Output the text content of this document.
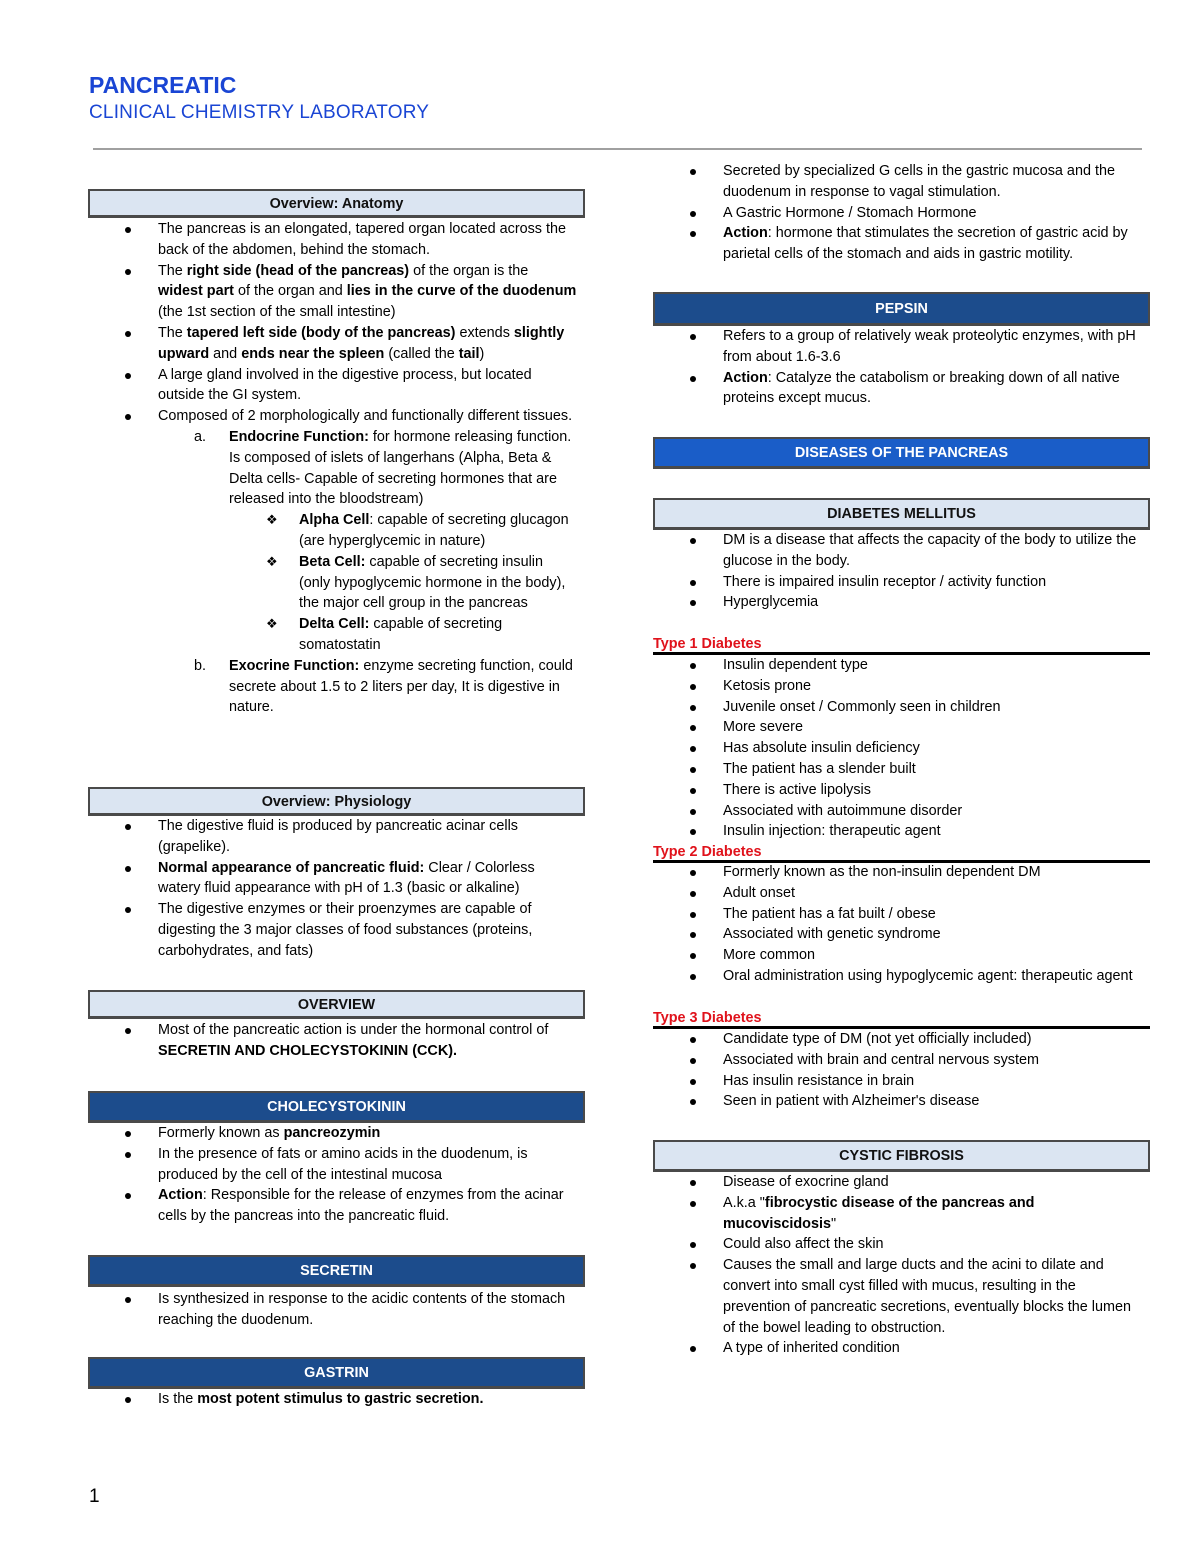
PANCREATIC
CLINICAL CHEMISTRY LABORATORY
Overview: Anatomy
The pancreas is an elongated, tapered organ located across the back of the abdomen, behind the stomach.
The right side (head of the pancreas) of the organ is the widest part of the organ and lies in the curve of the duodenum (the 1st section of the small intestine)
The tapered left side (body of the pancreas) extends slightly upward and ends near the spleen (called the tail)
A large gland involved in the digestive process, but located outside the GI system.
Composed of 2 morphologically and functionally different tissues.
a. Endocrine Function: for hormone releasing function. Is composed of islets of langerhans (Alpha, Beta & Delta cells- Capable of secreting hormones that are released into the bloodstream)
❖ Alpha Cell: capable of secreting glucagon (are hyperglycemic in nature)
❖ Beta Cell: capable of secreting insulin (only hypoglycemic hormone in the body), the major cell group in the pancreas
❖ Delta Cell: capable of secreting somatostatin
b. Exocrine Function: enzyme secreting function, could secrete about 1.5 to 2 liters per day, It is digestive in nature.
Overview: Physiology
The digestive fluid is produced by pancreatic acinar cells (grapelike).
Normal appearance of pancreatic fluid: Clear / Colorless watery fluid appearance with pH of 1.3 (basic or alkaline)
The digestive enzymes or their proenzymes are capable of digesting the 3 major classes of food substances (proteins, carbohydrates, and fats)
OVERVIEW
Most of the pancreatic action is under the hormonal control of SECRETIN AND CHOLECYSTOKININ (CCK).
CHOLECYSTOKININ
Formerly known as pancreozymin
In the presence of fats or amino acids in the duodenum, is produced by the cell of the intestinal mucosa
Action: Responsible for the release of enzymes from the acinar cells by the pancreas into the pancreatic fluid.
SECRETIN
Is synthesized in response to the acidic contents of the stomach reaching the duodenum.
GASTRIN
Is the most potent stimulus to gastric secretion.
Secreted by specialized G cells in the gastric mucosa and the duodenum in response to vagal stimulation.
A Gastric Hormone / Stomach Hormone
Action: hormone that stimulates the secretion of gastric acid by parietal cells of the stomach and aids in gastric motility.
PEPSIN
Refers to a group of relatively weak proteolytic enzymes, with pH from about 1.6-3.6
Action: Catalyze the catabolism or breaking down of all native proteins except mucus.
DISEASES OF THE PANCREAS
DIABETES MELLITUS
DM is a disease that affects the capacity of the body to utilize the glucose in the body.
There is impaired insulin receptor / activity function
Hyperglycemia
Type 1 Diabetes
Insulin dependent type
Ketosis prone
Juvenile onset / Commonly seen in children
More severe
Has absolute insulin deficiency
The patient has a slender built
There is active lipolysis
Associated with autoimmune disorder
Insulin injection: therapeutic agent
Type 2 Diabetes
Formerly known as the non-insulin dependent DM
Adult onset
The patient has a fat built / obese
Associated with genetic syndrome
More common
Oral administration using hypoglycemic agent: therapeutic agent
Type 3 Diabetes
Candidate type of DM (not yet officially included)
Associated with brain and central nervous system
Has insulin resistance in brain
Seen in patient with Alzheimer's disease
CYSTIC FIBROSIS
Disease of exocrine gland
A.k.a "fibrocystic disease of the pancreas and mucoviscidosis"
Could also affect the skin
Causes the small and large ducts and the acini to dilate and convert into small cyst filled with mucus, resulting in the prevention of pancreatic secretions, eventually blocks the lumen of the bowel leading to obstruction.
A type of inherited condition
1
